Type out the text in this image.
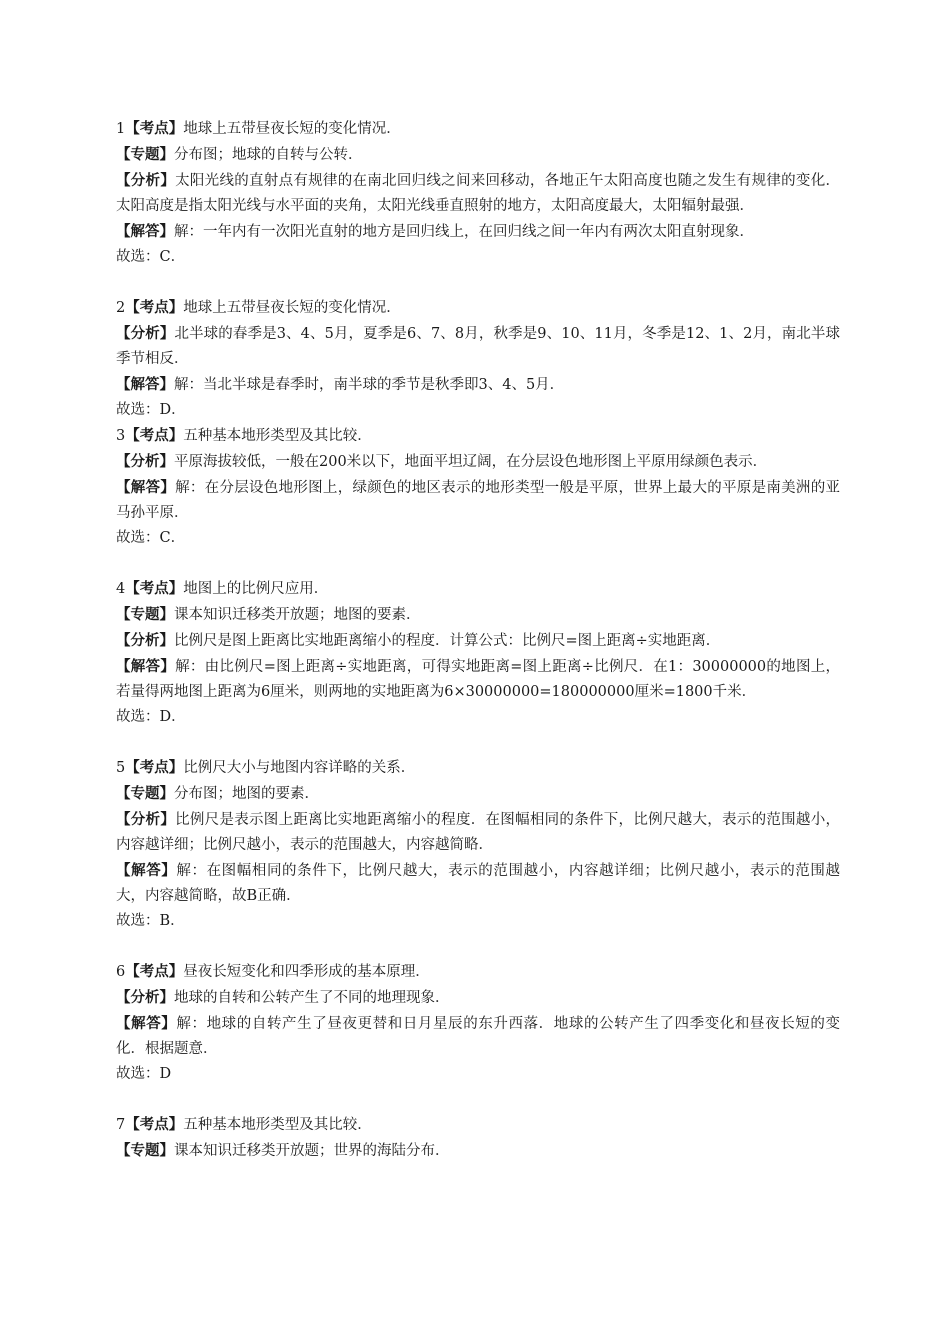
1【考点】地球上五带昼夜长短的变化情况．

【专题】分布图；地球的自转与公转．

【分析】太阳光线的直射点有规律的在南北回归线之间来回移动，各地正午太阳高度也随之发生有规律的变化．太阳高度是指太阳光线与水平面的夹角，太阳光线垂直照射的地方，太阳高度最大，太阳辐射最强．

【解答】解：一年内有一次阳光直射的地方是回归线上，在回归线之间一年内有两次太阳直射现象．

故选：C．

2【考点】地球上五带昼夜长短的变化情况．

【分析】北半球的春季是3、4、5月，夏季是6、7、8月，秋季是9、10、11月，冬季是12、1、2月，南北半球季节相反．

【解答】解：当北半球是春季时，南半球的季节是秋季即3、4、5月．

故选：D．

3【考点】五种基本地形类型及其比较．

【分析】平原海拔较低，一般在200米以下，地面平坦辽阔，在分层设色地形图上平原用绿颜色表示．

【解答】解：在分层设色地形图上，绿颜色的地区表示的地形类型一般是平原，世界上最大的平原是南美洲的亚马孙平原．

故选：C．

4【考点】地图上的比例尺应用．

【专题】课本知识迁移类开放题；地图的要素．

【分析】比例尺是图上距离比实地距离缩小的程度．计算公式：比例尺=图上距离÷实地距离．

【解答】解：由比例尺=图上距离÷实地距离，可得实地距离=图上距离÷比例尺．在1：30000000的地图上，若量得两地图上距离为6厘米，则两地的实地距离为6×30000000=180000000厘米=1800千米．

故选：D．

5【考点】比例尺大小与地图内容详略的关系．

【专题】分布图；地图的要素．

【分析】比例尺是表示图上距离比实地距离缩小的程度．在图幅相同的条件下，比例尺越大，表示的范围越小，内容越详细；比例尺越小，表示的范围越大，内容越简略．

【解答】解：在图幅相同的条件下，比例尺越大，表示的范围越小，内容越详细；比例尺越小，表示的范围越大，内容越简略，故B正确．

故选：B．

6【考点】昼夜长短变化和四季形成的基本原理．

【分析】地球的自转和公转产生了不同的地理现象．

【解答】解：地球的自转产生了昼夜更替和日月星辰的东升西落．地球的公转产生了四季变化和昼夜长短的变化．根据题意．

故选：D

7【考点】五种基本地形类型及其比较．

【专题】课本知识迁移类开放题；世界的海陆分布．
